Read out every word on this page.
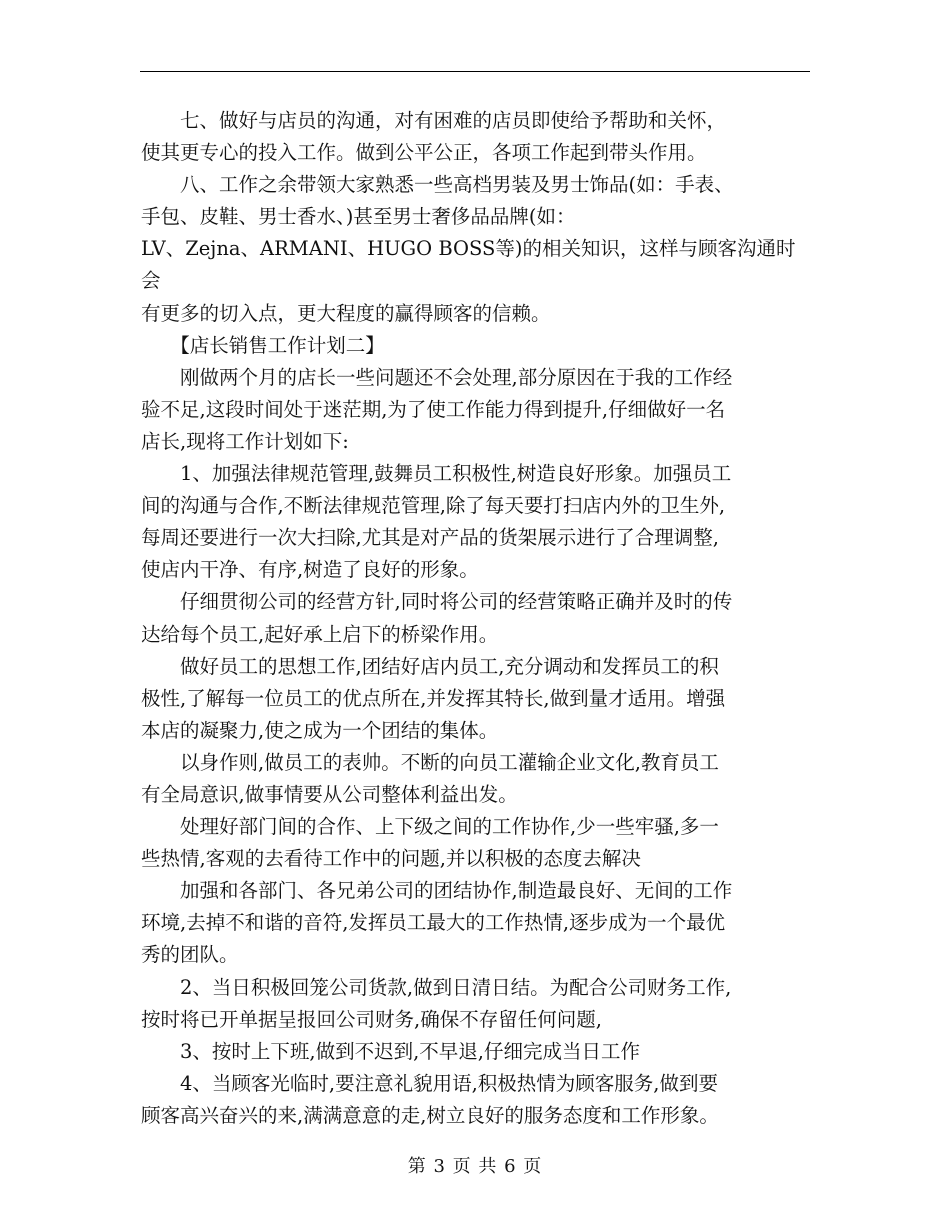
　　七、做好与店员的沟通，对有困难的店员即使给予帮助和关怀，
使其更专心的投入工作。做到公平公正，各项工作起到带头作用。

　　八、工作之余带领大家熟悉一些高档男装及男士饰品(如：手表、
手包、皮鞋、男士香水、)甚至男士奢侈品品牌(如：
LV、Zejna、ARMANI、HUGO BOSS等)的相关知识，这样与顾客沟通时会
有更多的切入点，更大程度的赢得顾客的信赖。

　　【店长销售工作计划二】

　　刚做两个月的店长一些问题还不会处理,部分原因在于我的工作经
验不足,这段时间处于迷茫期,为了使工作能力得到提升,仔细做好一名
店长,现将工作计划如下:

　　1、加强法律规范管理,鼓舞员工积极性,树造良好形象。加强员工
间的沟通与合作,不断法律规范管理,除了每天要打扫店内外的卫生外,
每周还要进行一次大扫除,尤其是对产品的货架展示进行了合理调整,
使店内干净、有序,树造了良好的形象。

　　仔细贯彻公司的经营方针,同时将公司的经营策略正确并及时的传
达给每个员工,起好承上启下的桥梁作用。

　　做好员工的思想工作,团结好店内员工,充分调动和发挥员工的积
极性,了解每一位员工的优点所在,并发挥其特长,做到量才适用。增强
本店的凝聚力,使之成为一个团结的集体。

　　以身作则,做员工的表帅。不断的向员工灌输企业文化,教育员工
有全局意识,做事情要从公司整体利益出发。

　　处理好部门间的合作、上下级之间的工作协作,少一些牢骚,多一
些热情,客观的去看待工作中的问题,并以积极的态度去解决

　　加强和各部门、各兄弟公司的团结协作,制造最良好、无间的工作
环境,去掉不和谐的音符,发挥员工最大的工作热情,逐步成为一个最优
秀的团队。

　　2、当日积极回笼公司货款,做到日清日结。为配合公司财务工作,
按时将已开单据呈报回公司财务,确保不存留任何问题,

　　3、按时上下班,做到不迟到,不早退,仔细完成当日工作

　　4、当顾客光临时,要注意礼貌用语,积极热情为顾客服务,做到要
顾客高兴奋兴的来,满满意意的走,树立良好的服务态度和工作形象。

第 3 页 共 6 页
